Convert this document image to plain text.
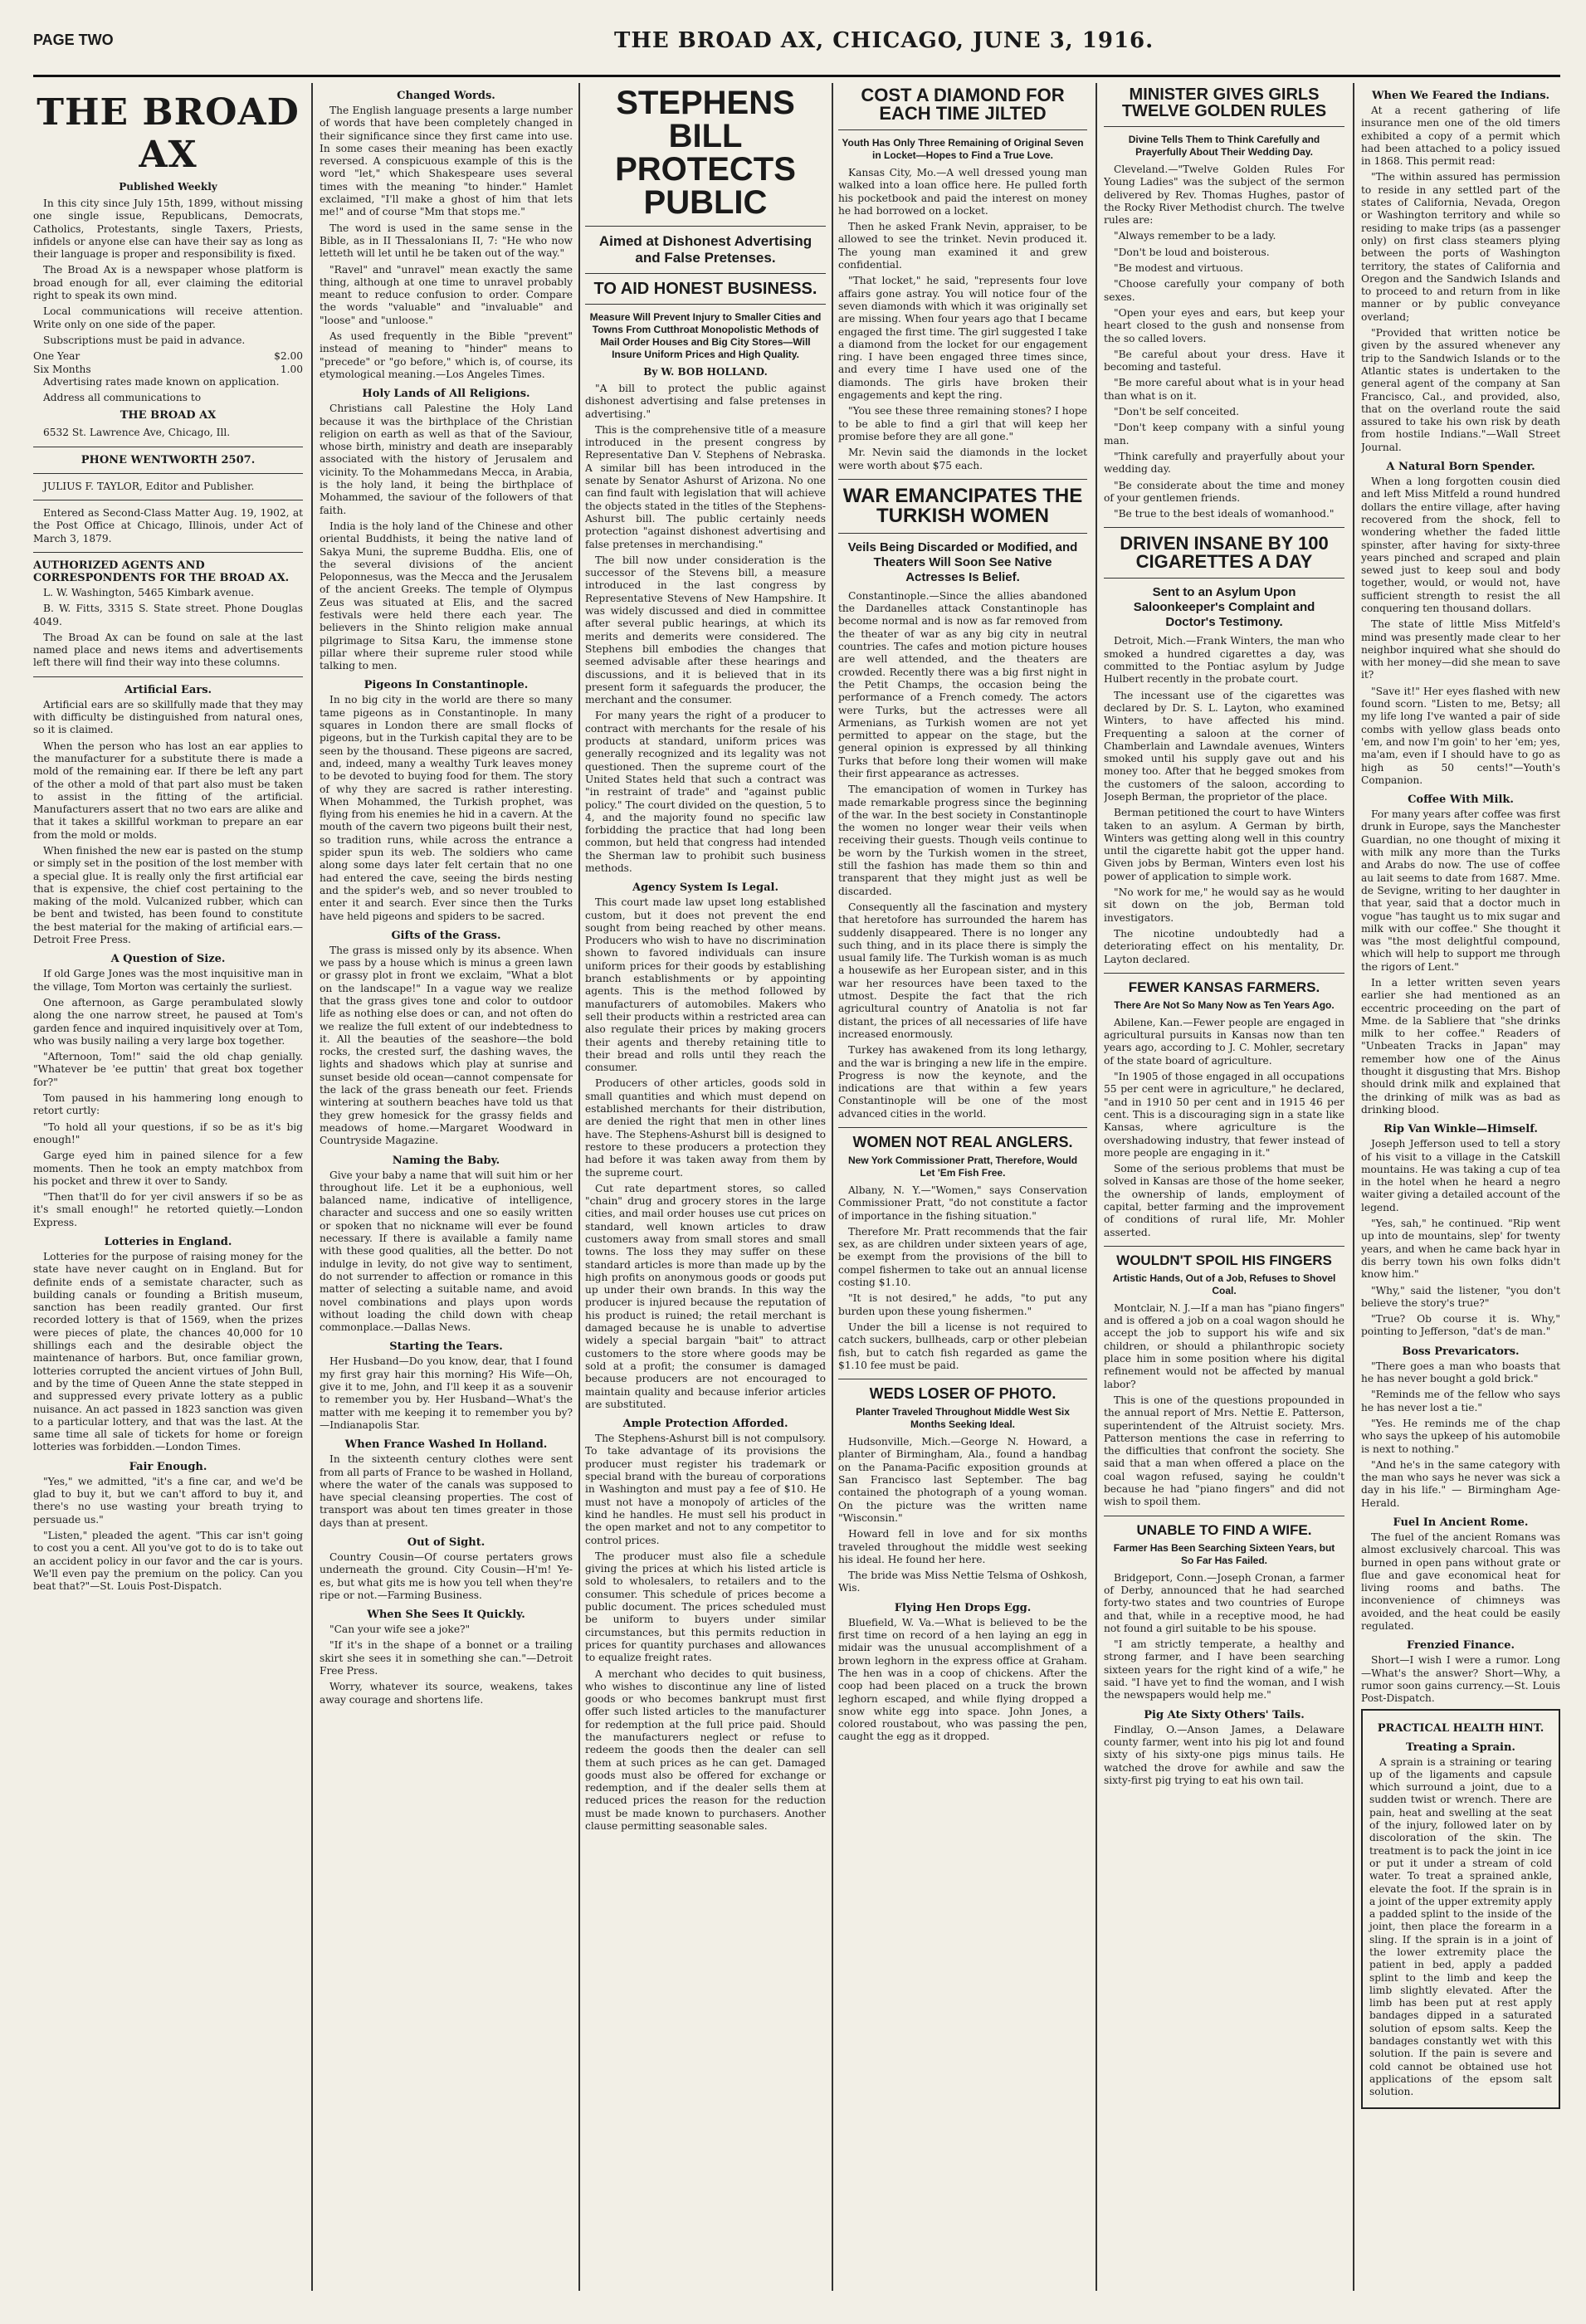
PAGE TWO	THE BROAD AX, CHICAGO, JUNE 3, 1916.
THE BROAD AX
Published Weekly

In this city since July 15th, 1899, without missing one single issue, Republicans, Democrats, Catholics, Protestants, single Taxers, Priests, infidels or anyone else can have their say as long as their language is proper and responsibility is fixed.

The Broad Ax is a newspaper whose platform is broad enough for all, ever claiming the editorial right to speak its own mind.

Local communications will receive attention. Write only on one side of the paper.

Subscriptions must be paid in advance.

One Year	$2.00
Six Months	1.00

Advertising rates made known on application.

Address all communications to

THE BROAD AX

6532 St. Lawrence Ave, Chicago, Ill.

PHONE WENTWORTH 2507.

JULIUS F. TAYLOR, Editor and Publisher.

Entered as Second-Class Matter Aug. 19, 1902, at the Post Office at Chicago, Illinois, under Act of March 3, 1879.

AUTHORIZED AGENTS AND CORRESPONDENTS FOR THE BROAD AX.

L. W. Washington, 5465 Kimbark avenue.

B. W. Fitts, 3315 S. State street. Phone Douglas 4049.

The Broad Ax can be found on sale at the last named place and news items and advertisements left there will find their way into these columns.

Artificial Ears.

Artificial ears are so skillfully made that they may with difficulty be distinguished from natural ones, so it is claimed.

When the person who has lost an ear applies to the manufacturer for a substitute there is made a mold of the remaining ear. If there be left any part of the other a mold of that part also must be taken to assist in the fitting of the artificial. Manufacturers assert that no two ears are alike and that it takes a skillful workman to prepare an ear from the mold or molds.

When finished the new ear is pasted on the stump or simply set in the position of the lost member with a special glue. It is really only the first artificial ear that is expensive, the chief cost pertaining to the making of the mold. Vulcanized rubber, which can be bent and twisted, has been found to constitute the best material for the making of artificial ears.—Detroit Free Press.

A Question of Size.

If old Garge Jones was the most inquisitive man in the village, Tom Morton was certainly the surliest.

One afternoon, as Garge perambulated slowly along the one narrow street, he paused at Tom's garden fence and inquired inquisitively over at Tom, who was busily nailing a very large box together.

"Afternoon, Tom!" said the old chap genially. "Whatever be 'ee puttin' that great box together for?"

Tom paused in his hammering long enough to retort curtly:

"To hold all your questions, if so be as it's big enough!"

Garge eyed him in pained silence for a few moments. Then he took an empty matchbox from his pocket and threw it over to Sandy.

"Then that'll do for yer civil answers if so be as it's small enough!" he retorted quietly.—London Express.

Lotteries in England.

Lotteries for the purpose of raising money for the state have never caught on in England. But for definite ends of a semistate character, such as building canals or founding a British museum, sanction has been readily granted. Our first recorded lottery is that of 1569, when the prizes were pieces of plate, the chances 40,000 for 10 shillings each and the desirable object the maintenance of harbors. But, once familiar grown, lotteries corrupted the ancient virtues of John Bull, and by the time of Queen Anne the state stepped in and suppressed every private lottery as a public nuisance. An act passed in 1823 sanction was given to a particular lottery, and that was the last. At the same time all sale of tickets for home or foreign lotteries was forbidden.—London Times.

Fair Enough.

"Yes," we admitted, "it's a fine car, and we'd be glad to buy it, but we can't afford to buy it, and there's no use wasting your breath trying to persuade us."

"Listen," pleaded the agent. "This car isn't going to cost you a cent. All you've got to do is to take out an accident policy in our favor and the car is yours. We'll even pay the premium on the policy. Can you beat that?"—St. Louis Post-Dispatch.

Changed Words.

The English language presents a large number of words that have been completely changed in their significance since they first came into use. In some cases their meaning has been exactly reversed. A conspicuous example of this is the word "let," which Shakespeare uses several times with the meaning "to hinder." Hamlet exclaimed, "I'll make a ghost of him that lets me!" and of course "Mm that stops me."

The word is used in the same sense in the Bible, as in II Thessalonians II, 7: "He who now letteth will let until he be taken out of the way."

"Ravel" and "unravel" mean exactly the same thing, although at one time to unravel probably meant to reduce confusion to order. Compare the words "valuable" and "invaluable" and "loose" and "unloose."

As used frequently in the Bible "prevent" instead of meaning to "hinder" means to "precede" or "go before," which is, of course, its etymological meaning.—Los Angeles Times.

Holy Lands of All Religions.

Christians call Palestine the Holy Land because it was the birthplace of the Christian religion on earth as well as that of the Saviour, whose birth, ministry and death are inseparably associated with the history of Jerusalem and vicinity. To the Mohammedans Mecca, in Arabia, is the holy land, it being the birthplace of Mohammed, the saviour of the followers of that faith.

India is the holy land of the Chinese and other oriental Buddhists, it being the native land of Sakya Muni, the supreme Buddha. Elis, one of the several divisions of the ancient Peloponnesus, was the Mecca and the Jerusalem of the ancient Greeks. The temple of Olympus Zeus was situated at Elis, and the sacred festivals were held there each year. The believers in the Shinto religion make annual pilgrimage to Sitsa Karu, the immense stone pillar where their supreme ruler stood while talking to men.

Pigeons In Constantinople.

In no big city in the world are there so many tame pigeons as in Constantinople. In many squares in London there are small flocks of pigeons, but in the Turkish capital they are to be seen by the thousand. These pigeons are sacred, and, indeed, many a wealthy Turk leaves money to be devoted to buying food for them. The story of why they are sacred is rather interesting. When Mohammed, the Turkish prophet, was flying from his enemies he hid in a cavern. At the mouth of the cavern two pigeons built their nest, so tradition runs, while across the entrance a spider spun its web. The soldiers who came along some days later felt certain that no one had entered the cave, seeing the birds nesting and the spider's web, and so never troubled to enter it and search. Ever since then the Turks have held pigeons and spiders to be sacred.

Gifts of the Grass.

The grass is missed only by its absence. When we pass by a house which is minus a green lawn or grassy plot in front we exclaim, "What a blot on the landscape!" In a vague way we realize that the grass gives tone and color to outdoor life as nothing else does or can, and not often do we realize the full extent of our indebtedness to it. All the beauties of the seashore—the bold rocks, the crested surf, the dashing waves, the lights and shadows which play at sunrise and sunset beside old ocean—cannot compensate for the lack of the grass beneath our feet. Friends wintering at southern beaches have told us that they grew homesick for the grassy fields and meadows of home.—Margaret Woodward in Countryside Magazine.

Naming the Baby.

Give your baby a name that will suit him or her throughout life. Let it be a euphonious, well balanced name, indicative of intelligence, character and success and one so easily written or spoken that no nickname will ever be found necessary. If there is available a family name with these good qualities, all the better. Do not indulge in levity, do not give way to sentiment, do not surrender to affection or romance in this matter of selecting a suitable name, and avoid novel combinations and plays upon words without loading the child down with cheap commonplace.—Dallas News.

Starting the Tears.

Her Husband—Do you know, dear, that I found my first gray hair this morning? His Wife—Oh, give it to me, John, and I'll keep it as a souvenir to remember you by. Her Husband—What's the matter with me keeping it to remember you by?—Indianapolis Star.

When France Washed In Holland.

In the sixteenth century clothes were sent from all parts of France to be washed in Holland, where the water of the canals was supposed to have special cleansing properties. The cost of transport was about ten times greater in those days than at present.

Out of Sight.

Country Cousin—Of course pertaters grows underneath the ground. City Cousin—H'm! Ye-es, but what gits me is how you tell when they're ripe or not.—Farming Business.

When She Sees It Quickly.

"Can your wife see a joke?"

"If it's in the shape of a bonnet or a trailing skirt she sees it in something she can."—Detroit Free Press.

Worry, whatever its source, weakens, takes away courage and shortens life.

STEPHENS BILL PROTECTS PUBLIC
Aimed at Dishonest Advertising and False Pretenses.
TO AID HONEST BUSINESS.
Measure Will Prevent Injury to Smaller Cities and Towns From Cutthroat Monopolistic Methods of Mail Order Houses and Big City Stores—Will Insure Uniform Prices and High Quality.
By W. BOB HOLLAND.

"A bill to protect the public against dishonest advertising and false pretenses in advertising."

This is the comprehensive title of a measure introduced in the present congress by Representative Dan V. Stephens of Nebraska. A similar bill has been introduced in the senate by Senator Ashurst of Arizona. No one can find fault with legislation that will achieve the objects stated in the titles of the Stephens-Ashurst bill. The public certainly needs protection "against dishonest advertising and false pretenses in merchandising."

The bill now under consideration is the successor of the Stevens bill, a measure introduced in the last congress by Representative Stevens of New Hampshire. It was widely discussed and died in committee after several public hearings, at which its merits and demerits were considered. The Stephens bill embodies the changes that seemed advisable after these hearings and discussions, and it is believed that in its present form it safeguards the producer, the merchant and the consumer.

For many years the right of a producer to contract with merchants for the resale of his products at standard, uniform prices was generally recognized and its legality was not questioned. Then the supreme court of the United States held that such a contract was "in restraint of trade" and "against public policy." The court divided on the question, 5 to 4, and the majority found no specific law forbidding the practice that had long been common, but held that congress had intended the Sherman law to prohibit such business methods.

Agency System Is Legal.

This court made law upset long established custom, but it does not prevent the end sought from being reached by other means. Producers who wish to have no discrimination shown to favored individuals can insure uniform prices for their goods by establishing branch establishments or by appointing agents. This is the method followed by manufacturers of automobiles. Makers who sell their products within a restricted area can also regulate their prices by making grocers their agents and thereby retaining title to their bread and rolls until they reach the consumer.

Producers of other articles, goods sold in small quantities and which must depend on established merchants for their distribution, are denied the right that men in other lines have. The Stephens-Ashurst bill is designed to restore to these producers a protection they had before it was taken away from them by the supreme court.

Cut rate department stores, so called "chain" drug and grocery stores in the large cities, and mail order houses use cut prices on standard, well known articles to draw customers away from small stores and small towns. The loss they may suffer on these standard articles is more than made up by the high profits on anonymous goods or goods put up under their own brands. In this way the producer is injured because the reputation of his product is ruined; the retail merchant is damaged because he is unable to advertise widely a special bargain "bait" to attract customers to the store where goods may be sold at a profit; the consumer is damaged because producers are not encouraged to maintain quality and because inferior articles are substituted.

Ample Protection Afforded.

The Stephens-Ashurst bill is not compulsory. To take advantage of its provisions the producer must register his trademark or special brand with the bureau of corporations in Washington and must pay a fee of $10. He must not have a monopoly of articles of the kind he handles. He must sell his product in the open market and not to any competitor to control prices.

The producer must also file a schedule giving the prices at which his listed article is sold to wholesalers, to retailers and to the consumer. This schedule of prices become a public document. The prices scheduled must be uniform to buyers under similar circumstances, but this permits reduction in prices for quantity purchases and allowances to equalize freight rates.

A merchant who decides to quit business, who wishes to discontinue any line of listed goods or who becomes bankrupt must first offer such listed articles to the manufacturer for redemption at the full price paid. Should the manufacturers neglect or refuse to redeem the goods then the dealer can sell them at such prices as he can get. Damaged goods must also be offered for exchange or redemption, and if the dealer sells them at reduced prices the reason for the reduction must be made known to purchasers. Another clause permitting seasonable sales.

COST A DIAMOND FOR EACH TIME JILTED
Youth Has Only Three Remaining of Original Seven in Locket—Hopes to Find a True Love.

Kansas City, Mo.—A well dressed young man walked into a loan office here. He pulled forth his pocketbook and paid the interest on money he had borrowed on a locket.

Then he asked Frank Nevin, appraiser, to be allowed to see the trinket. Nevin produced it. The young man examined it and grew confidential.

"That locket," he said, "represents four love affairs gone astray. You will notice four of the seven diamonds with which it was originally set are missing. When four years ago that I became engaged the first time. The girl suggested I take a diamond from the locket for our engagement ring. I have been engaged three times since, and every time I have used one of the diamonds. The girls have broken their engagements and kept the ring.

"You see these three remaining stones? I hope to be able to find a girl that will keep her promise before they are all gone."

Mr. Nevin said the diamonds in the locket were worth about $75 each.

WAR EMANCIPATES THE TURKISH WOMEN
Veils Being Discarded or Modified, and Theaters Will Soon See Native Actresses Is Belief.

Constantinople.—Since the allies abandoned the Dardanelles attack Constantinople has become normal and is now as far removed from the theater of war as any big city in neutral countries. The cafes and motion picture houses are well attended, and the theaters are crowded. Recently there was a big first night in the Petit Champs, the occasion being the performance of a French comedy. The actors were Turks, but the actresses were all Armenians, as Turkish women are not yet permitted to appear on the stage, but the general opinion is expressed by all thinking Turks that before long their women will make their first appearance as actresses.

The emancipation of women in Turkey has made remarkable progress since the beginning of the war. In the best society in Constantinople the women no longer wear their veils when receiving their guests. Though veils continue to be worn by the Turkish women in the street, still the fashion has made them so thin and transparent that they might just as well be discarded.

Consequently all the fascination and mystery that heretofore has surrounded the harem has suddenly disappeared. There is no longer any such thing, and in its place there is simply the usual family life. The Turkish woman is as much a housewife as her European sister, and in this war her resources have been taxed to the utmost. Despite the fact that the rich agricultural country of Anatolia is not far distant, the prices of all necessaries of life have increased enormously.

Turkey has awakened from its long lethargy, and the war is bringing a new life in the empire. Progress is now the keynote, and the indications are that within a few years Constantinople will be one of the most advanced cities in the world.

WOMEN NOT REAL ANGLERS.
New York Commissioner Pratt, Therefore, Would Let 'Em Fish Free.

Albany, N. Y.—"Women," says Conservation Commissioner Pratt, "do not constitute a factor of importance in the fishing situation."

Therefore Mr. Pratt recommends that the fair sex, as are children under sixteen years of age, be exempt from the provisions of the bill to compel fishermen to take out an annual license costing $1.10.

"It is not desired," he adds, "to put any burden upon these young fishermen."

Under the bill a license is not required to catch suckers, bullheads, carp or other plebeian fish, but to catch fish regarded as game the $1.10 fee must be paid.

WEDS LOSER OF PHOTO.
Planter Traveled Throughout Middle West Six Months Seeking Ideal.

Hudsonville, Mich.—George N. Howard, a planter of Birmingham, Ala., found a handbag on the Panama-Pacific exposition grounds at San Francisco last September. The bag contained the photograph of a young woman. On the picture was the written name "Wisconsin."

Howard fell in love and for six months traveled throughout the middle west seeking his ideal. He found her here.

The bride was Miss Nettie Telsma of Oshkosh, Wis.

Flying Hen Drops Egg.

Bluefield, W. Va.—What is believed to be the first time on record of a hen laying an egg in midair was the unusual accomplishment of a brown leghorn in the express office at Graham. The hen was in a coop of chickens. After the coop had been placed on a truck the brown leghorn escaped, and while flying dropped a snow white egg into space. John Jones, a colored roustabout, who was passing the pen, caught the egg as it dropped.

MINISTER GIVES GIRLS TWELVE GOLDEN RULES
Divine Tells Them to Think Carefully and Prayerfully About Their Wedding Day.

Cleveland.—"Twelve Golden Rules For Young Ladies" was the subject of the sermon delivered by Rev. Thomas Hughes, pastor of the Rocky River Methodist church. The twelve rules are:

"Always remember to be a lady.

"Don't be loud and boisterous.

"Be modest and virtuous.

"Choose carefully your company of both sexes.

"Open your eyes and ears, but keep your heart closed to the gush and nonsense from the so called lovers.

"Be careful about your dress. Have it becoming and tasteful.

"Be more careful about what is in your head than what is on it.

"Don't be self conceited.

"Don't keep company with a sinful young man.

"Think carefully and prayerfully about your wedding day.

"Be considerate about the time and money of your gentlemen friends.

"Be true to the best ideals of womanhood."

DRIVEN INSANE BY 100 CIGARETTES A DAY
Sent to an Asylum Upon Saloonkeeper's Complaint and Doctor's Testimony.

Detroit, Mich.—Frank Winters, the man who smoked a hundred cigarettes a day, was committed to the Pontiac asylum by Judge Hulbert recently in the probate court.

The incessant use of the cigarettes was declared by Dr. S. L. Layton, who examined Winters, to have affected his mind. Frequenting a saloon at the corner of Chamberlain and Lawndale avenues, Winters smoked until his supply gave out and his money too. After that he begged smokes from the customers of the saloon, according to Joseph Berman, the proprietor of the place.

Berman petitioned the court to have Winters taken to an asylum. A German by birth, Winters was getting along well in this country until the cigarette habit got the upper hand. Given jobs by Berman, Winters even lost his power of application to simple work.

"No work for me," he would say as he would sit down on the job, Berman told investigators.

The nicotine undoubtedly had a deteriorating effect on his mentality, Dr. Layton declared.

FEWER KANSAS FARMERS.
There Are Not So Many Now as Ten Years Ago.

Abilene, Kan.—Fewer people are engaged in agricultural pursuits in Kansas now than ten years ago, according to J. C. Mohler, secretary of the state board of agriculture.

"In 1905 of those engaged in all occupations 55 per cent were in agriculture," he declared, "and in 1910 50 per cent and in 1915 46 per cent. This is a discouraging sign in a state like Kansas, where agriculture is the overshadowing industry, that fewer instead of more people are engaging in it."

Some of the serious problems that must be solved in Kansas are those of the home seeker, the ownership of lands, employment of capital, better farming and the improvement of conditions of rural life, Mr. Mohler asserted.

WOULDN'T SPOIL HIS FINGERS
Artistic Hands, Out of a Job, Refuses to Shovel Coal.

Montclair, N. J.—If a man has "piano fingers" and is offered a job on a coal wagon should he accept the job to support his wife and six children, or should a philanthropic society place him in some position where his digital refinement would not be affected by manual labor?

This is one of the questions propounded in the annual report of Mrs. Nettie E. Patterson, superintendent of the Altruist society. Mrs. Patterson mentions the case in referring to the difficulties that confront the society. She said that a man when offered a place on the coal wagon refused, saying he couldn't because he had "piano fingers" and did not wish to spoil them.

UNABLE TO FIND A WIFE.
Farmer Has Been Searching Sixteen Years, but So Far Has Failed.

Bridgeport, Conn.—Joseph Cronan, a farmer of Derby, announced that he had searched forty-two states and two countries of Europe and that, while in a receptive mood, he had not found a girl suitable to be his spouse.

"I am strictly temperate, a healthy and strong farmer, and I have been searching sixteen years for the right kind of a wife," he said. "I have yet to find the woman, and I wish the newspapers would help me."

Pig Ate Sixty Others' Tails.

Findlay, O.—Anson James, a Delaware county farmer, went into his pig lot and found sixty of his sixty-one pigs minus tails. He watched the drove for awhile and saw the sixty-first pig trying to eat his own tail.

When We Feared the Indians.

At a recent gathering of life insurance men one of the old timers exhibited a copy of a permit which had been attached to a policy issued in 1868. This permit read:

"The within assured has permission to reside in any settled part of the states of California, Nevada, Oregon or Washington territory and while so residing to make trips (as a passenger only) on first class steamers plying between the ports of Washington territory, the states of California and Oregon and the Sandwich Islands and to proceed to and return from in like manner or by public conveyance overland;

"Provided that written notice be given by the assured whenever any trip to the Sandwich Islands or to the Atlantic states is undertaken to the general agent of the company at San Francisco, Cal., and provided, also, that on the overland route the said assured to take his own risk by death from hostile Indians."—Wall Street Journal.

A Natural Born Spender.

When a long forgotten cousin died and left Miss Mitfeld a round hundred dollars the entire village, after having recovered from the shock, fell to wondering whether the faded little spinster, after having for sixty-three years pinched and scraped and plain sewed just to keep soul and body together, would, or would not, have sufficient strength to resist the all conquering ten thousand dollars.

The state of little Miss Mitfeld's mind was presently made clear to her neighbor inquired what she should do with her money—did she mean to save it?

"Save it!" Her eyes flashed with new found scorn. "Listen to me, Betsy; all my life long I've wanted a pair of side combs with yellow glass beads onto 'em, and now I'm goin' to her 'em; yes, ma'am, even if I should have to go as high as 50 cents!"—Youth's Companion.

Coffee With Milk.

For many years after coffee was first drunk in Europe, says the Manchester Guardian, no one thought of mixing it with milk any more than the Turks and Arabs do now. The use of coffee au lait seems to date from 1687. Mme. de Sevigne, writing to her daughter in that year, said that a doctor much in vogue "has taught us to mix sugar and milk with our coffee." She thought it was "the most delightful compound, which will help to support me through the rigors of Lent."

In a letter written seven years earlier she had mentioned as an eccentric proceeding on the part of Mme. de la Sabliere that "she drinks milk to her coffee." Readers of "Unbeaten Tracks in Japan" may remember how one of the Ainus thought it disgusting that Mrs. Bishop should drink milk and explained that the drinking of milk was as bad as drinking blood.

Rip Van Winkle—Himself.

Joseph Jefferson used to tell a story of his visit to a village in the Catskill mountains. He was taking a cup of tea in the hotel when he heard a negro waiter giving a detailed account of the legend.

"Yes, sah," he continued. "Rip went up into de mountains, slep' for twenty years, and when he came back hyar in dis berry town his own folks didn't know him."

"Why," said the listener, "you don't believe the story's true?"

"True? Ob course it is. Why," pointing to Jefferson, "dat's de man."

Boss Prevaricators.

"There goes a man who boasts that he has never bought a gold brick."

"Reminds me of the fellow who says he has never lost a tie."

"Yes. He reminds me of the chap who says the upkeep of his automobile is next to nothing."

"And he's in the same category with the man who says he never was sick a day in his life." — Birmingham Age-Herald.

Fuel In Ancient Rome.

The fuel of the ancient Romans was almost exclusively charcoal. This was burned in open pans without grate or flue and gave economical heat for living rooms and baths. The inconvenience of chimneys was avoided, and the heat could be easily regulated.

Frenzied Finance.

Short—I wish I were a rumor. Long—What's the answer? Short—Why, a rumor soon gains currency.—St. Louis Post-Dispatch.

PRACTICAL HEALTH HINT.
Treating a Sprain.

A sprain is a straining or tearing up of the ligaments and capsule which surround a joint, due to a sudden twist or wrench. There are pain, heat and swelling at the seat of the injury, followed later on by discoloration of the skin. The treatment is to pack the joint in ice or put it under a stream of cold water. To treat a sprained ankle, elevate the foot. If the sprain is in a joint of the upper extremity apply a padded splint to the inside of the joint, then place the forearm in a sling. If the sprain is in a joint of the lower extremity place the patient in bed, apply a padded splint to the limb and keep the limb slightly elevated. After the limb has been put at rest apply bandages dipped in a saturated solution of epsom salts. Keep the bandages constantly wet with this solution. If the pain is severe and cold cannot be obtained use hot applications of the epsom salt solution.
